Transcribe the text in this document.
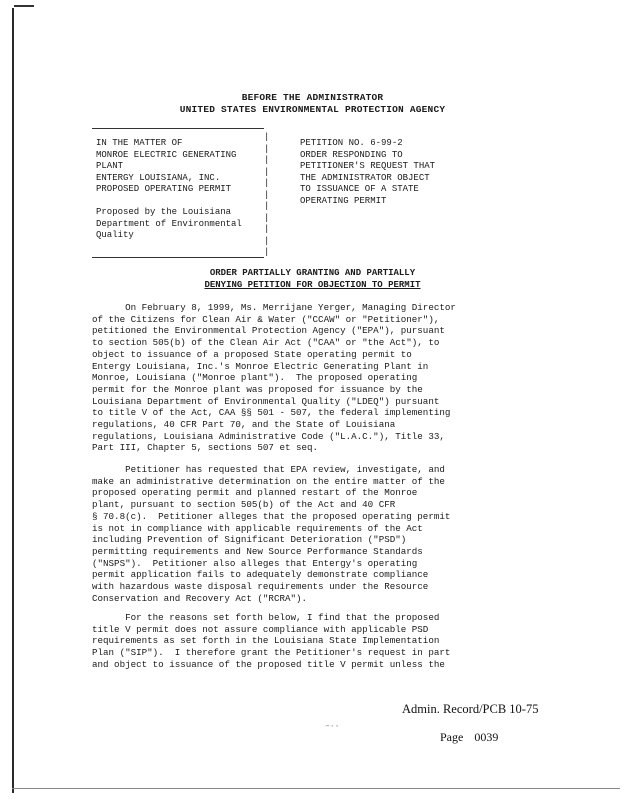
BEFORE THE ADMINISTRATOR
UNITED STATES ENVIRONMENTAL PROTECTION AGENCY
IN THE MATTER OF
MONROE ELECTRIC GENERATING
PLANT
ENTERGY LOUISIANA, INC.
PROPOSED OPERATING PERMIT
Proposed by the Louisiana
Department of Environmental
Quality
|
|
|
|
|
|
|
|
|
|
|
PETITION NO. 6-99-2
ORDER RESPONDING TO
PETITIONER'S REQUEST THAT
THE ADMINISTRATOR OBJECT
TO ISSUANCE OF A STATE
OPERATING PERMIT
ORDER PARTIALLY GRANTING AND PARTIALLY
DENYING PETITION FOR OBJECTION TO PERMIT
On February 8, 1999, Ms. Merrijane Yerger, Managing Director
of the Citizens for Clean Air & Water ("CCAW" or "Petitioner"),
petitioned the Environmental Protection Agency ("EPA"), pursuant
to section 505(b) of the Clean Air Act ("CAA" or "the Act"), to
object to issuance of a proposed State operating permit to
Entergy Louisiana, Inc.'s Monroe Electric Generating Plant in
Monroe, Louisiana ("Monroe plant").  The proposed operating
permit for the Monroe plant was proposed for issuance by the
Louisiana Department of Environmental Quality ("LDEQ") pursuant
to title V of the Act, CAA §§ 501 - 507, the federal implementing
regulations, 40 CFR Part 70, and the State of Louisiana
regulations, Louisiana Administrative Code ("L.A.C."), Title 33,
Part III, Chapter 5, sections 507 et seq.
Petitioner has requested that EPA review, investigate, and
make an administrative determination on the entire matter of the
proposed operating permit and planned restart of the Monroe
plant, pursuant to section 505(b) of the Act and 40 CFR
§ 70.8(c).  Petitioner alleges that the proposed operating permit
is not in compliance with applicable requirements of the Act
including Prevention of Significant Deterioration ("PSD")
permitting requirements and New Source Performance Standards
("NSPS").  Petitioner also alleges that Entergy's operating
permit application fails to adequately demonstrate compliance
with hazardous waste disposal requirements under the Resource
Conservation and Recovery Act ("RCRA").
For the reasons set forth below, I find that the proposed
title V permit does not assure compliance with applicable PSD
requirements as set forth in the Louisiana State Implementation
Plan ("SIP").  I therefore grant the Petitioner's request in part
and object to issuance of the proposed title V permit unless the
–··
Admin. Record/PCB 10-75
Page 0039
